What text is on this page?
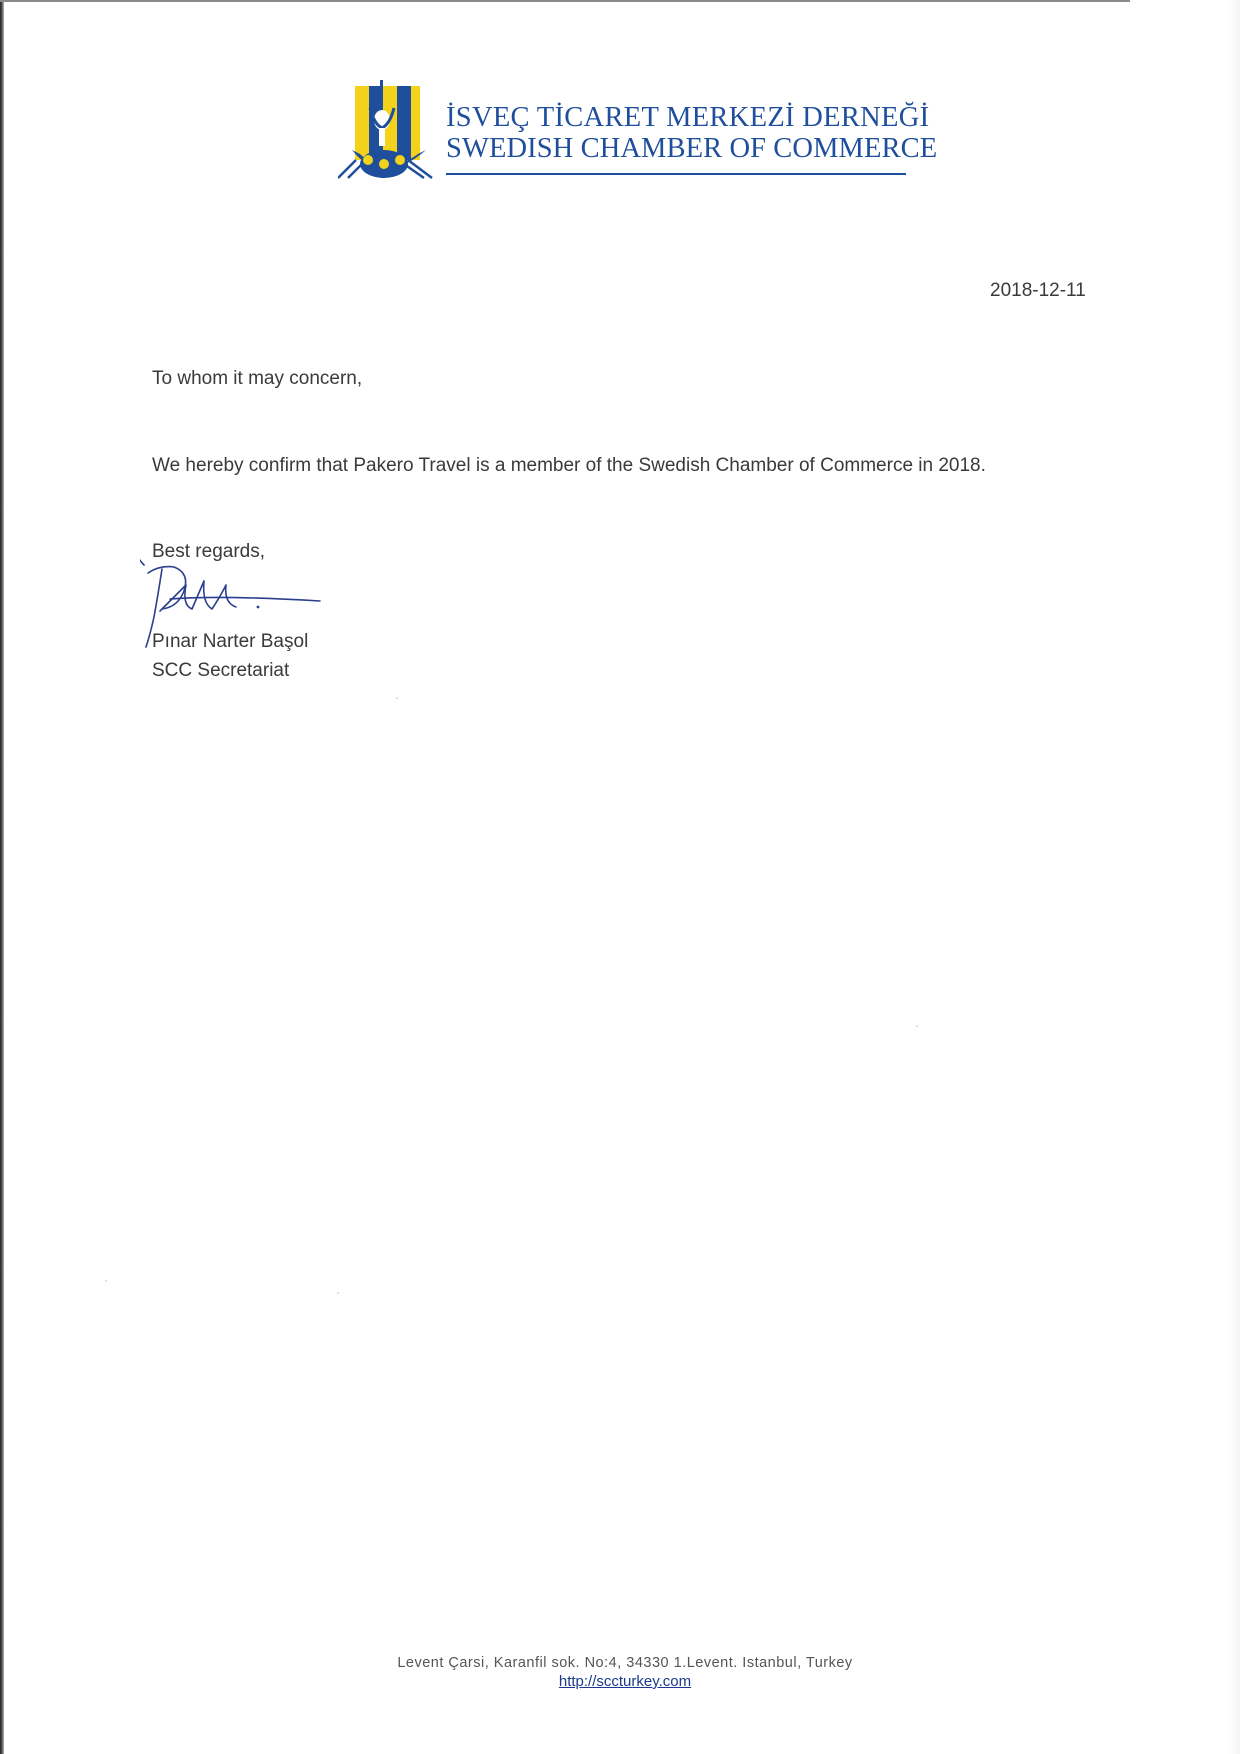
İSVEÇ TİCARET MERKEZİ DERNEĞİ
SWEDISH CHAMBER OF COMMERCE
2018-12-11
To whom it may concern,
We hereby confirm that Pakero Travel is a member of the Swedish Chamber of Commerce in 2018.
Best regards,
Pınar Narter Başol
SCC Secretariat
Levent Çarsi, Karanfil sok. No:4, 34330 1.Levent. Istanbul, Turkey
http://sccturkey.com
